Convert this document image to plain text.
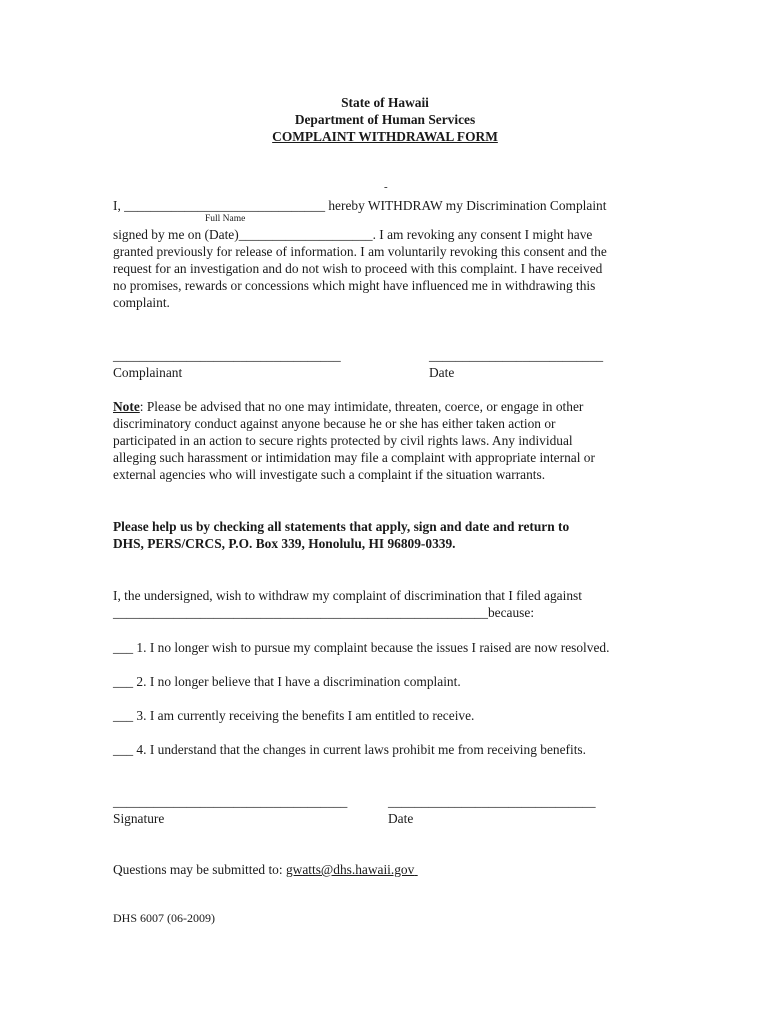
State of Hawaii
Department of Human Services
COMPLAINT WITHDRAWAL FORM
-
I, ______________________________ hereby WITHDRAW my Discrimination Complaint
Full Name
signed by me on (Date)____________________. I am revoking any consent I might have
granted previously for release of information. I am voluntarily revoking this consent and the
request for an investigation and do not wish to proceed with this complaint. I have received
no promises, rewards or concessions which might have influenced me in withdrawing this
complaint.
__________________________________	__________________________
Complainant	Date
Note: Please be advised that no one may intimidate, threaten, coerce, or engage in other
discriminatory conduct against anyone because he or she has either taken action or
participated in an action to secure rights protected by civil rights laws. Any individual
alleging such harassment or intimidation may file a complaint with appropriate internal or
external agencies who will investigate such a complaint if the situation warrants.
Please help us by checking all statements that apply, sign and date and return to
DHS, PERS/CRCS, P.O. Box 339, Honolulu, HI 96809-0339.
I, the undersigned, wish to withdraw my complaint of discrimination that I filed against
________________________________________________________because:
___ 1. I no longer wish to pursue my complaint because the issues I raised are now resolved.
___ 2. I no longer believe that I have a discrimination complaint.
___ 3. I am currently receiving the benefits I am entitled to receive.
___ 4. I understand that the changes in current laws prohibit me from receiving benefits.
___________________________________	_______________________________
Signature	Date
Questions may be submitted to: gwatts@dhs.hawaii.gov
DHS 6007 (06-2009)
